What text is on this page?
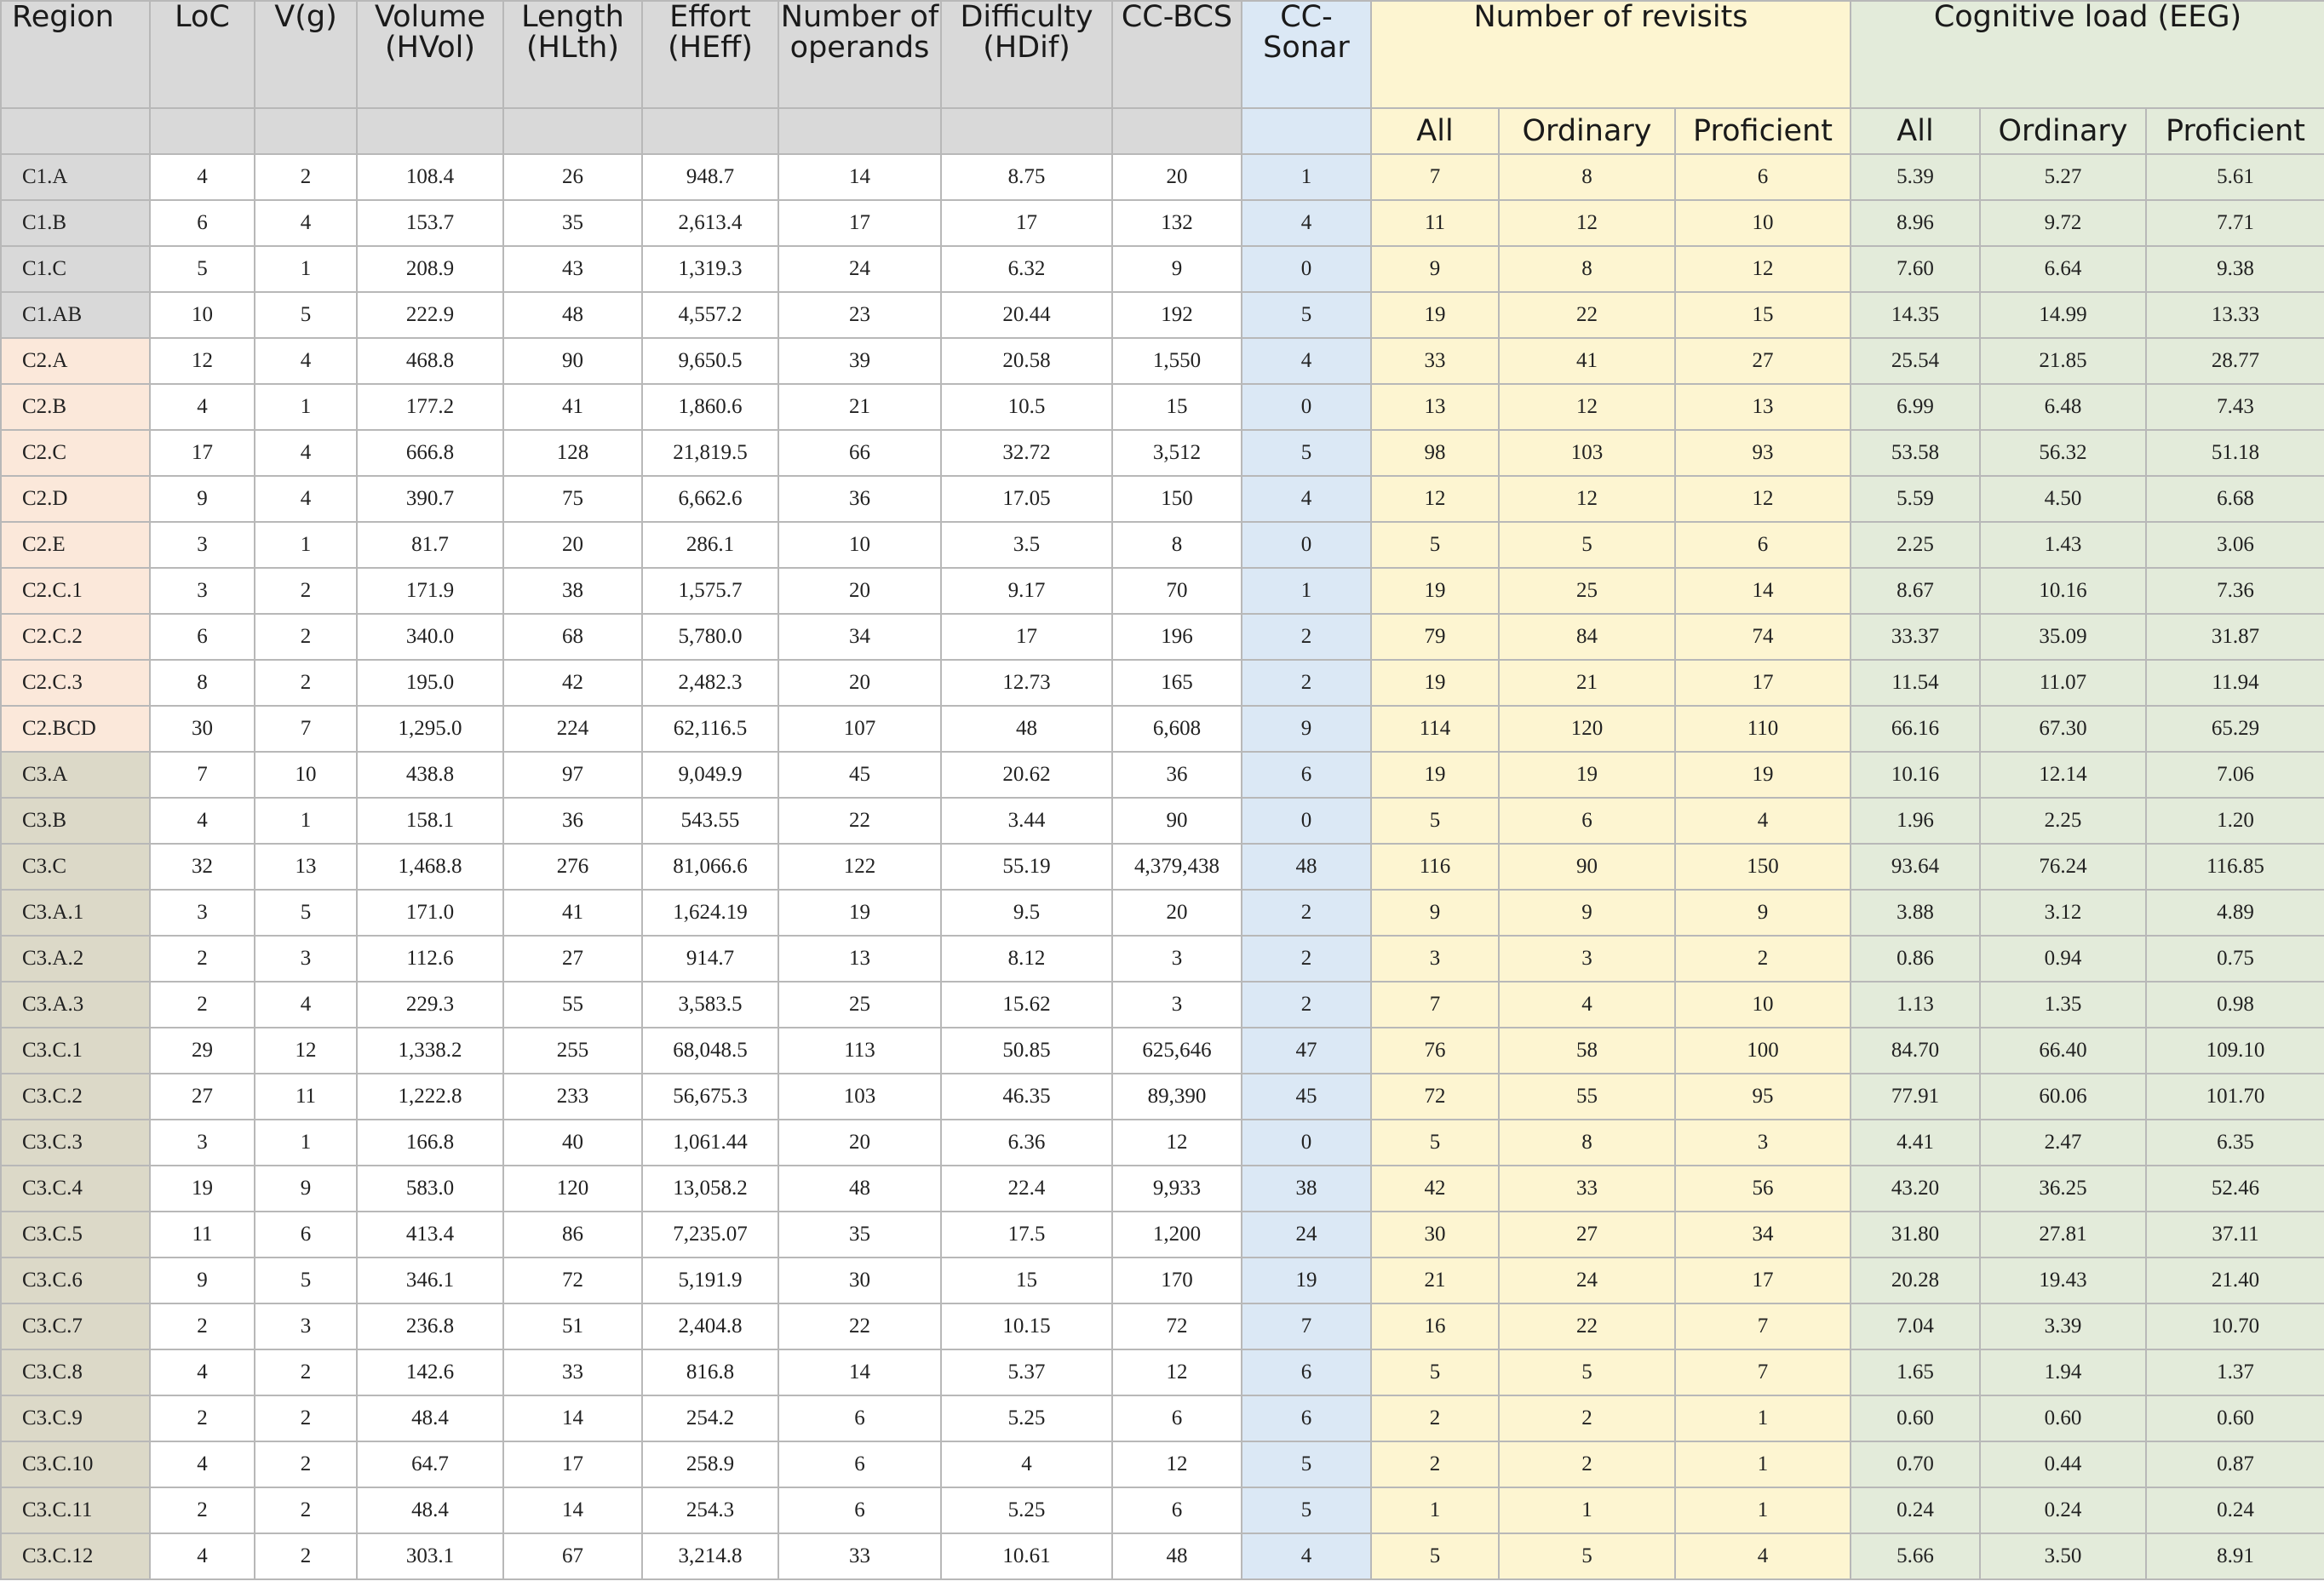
Region	LoC	V(g)	Volume (HVol)	Length (HLth)	Effort (HEff)	Number of operands	Difficulty (HDif)	CC-BCS	CC-Sonar	Number of revisits			Cognitive load (EEG)		

										All	Ordinary	Proficient	All	Ordinary	Proficient
C1.A	4	2	108.4	26	948.7	14	8.75	20	1	7	8	6	5.39	5.27	5.61
C1.B	6	4	153.7	35	2,613.4	17	17	132	4	11	12	10	8.96	9.72	7.71
C1.C	5	1	208.9	43	1,319.3	24	6.32	9	0	9	8	12	7.60	6.64	9.38
C1.AB	10	5	222.9	48	4,557.2	23	20.44	192	5	19	22	15	14.35	14.99	13.33
C2.A	12	4	468.8	90	9,650.5	39	20.58	1,550	4	33	41	27	25.54	21.85	28.77
C2.B	4	1	177.2	41	1,860.6	21	10.5	15	0	13	12	13	6.99	6.48	7.43
C2.C	17	4	666.8	128	21,819.5	66	32.72	3,512	5	98	103	93	53.58	56.32	51.18
C2.D	9	4	390.7	75	6,662.6	36	17.05	150	4	12	12	12	5.59	4.50	6.68
C2.E	3	1	81.7	20	286.1	10	3.5	8	0	5	5	6	2.25	1.43	3.06
C2.C.1	3	2	171.9	38	1,575.7	20	9.17	70	1	19	25	14	8.67	10.16	7.36
C2.C.2	6	2	340.0	68	5,780.0	34	17	196	2	79	84	74	33.37	35.09	31.87
C2.C.3	8	2	195.0	42	2,482.3	20	12.73	165	2	19	21	17	11.54	11.07	11.94
C2.BCD	30	7	1,295.0	224	62,116.5	107	48	6,608	9	114	120	110	66.16	67.30	65.29
C3.A	7	10	438.8	97	9,049.9	45	20.62	36	6	19	19	19	10.16	12.14	7.06
C3.B	4	1	158.1	36	543.55	22	3.44	90	0	5	6	4	1.96	2.25	1.20
C3.C	32	13	1,468.8	276	81,066.6	122	55.19	4,379,438	48	116	90	150	93.64	76.24	116.85
C3.A.1	3	5	171.0	41	1,624.19	19	9.5	20	2	9	9	9	3.88	3.12	4.89
C3.A.2	2	3	112.6	27	914.7	13	8.12	3	2	3	3	2	0.86	0.94	0.75
C3.A.3	2	4	229.3	55	3,583.5	25	15.62	3	2	7	4	10	1.13	1.35	0.98
C3.C.1	29	12	1,338.2	255	68,048.5	113	50.85	625,646	47	76	58	100	84.70	66.40	109.10
C3.C.2	27	11	1,222.8	233	56,675.3	103	46.35	89,390	45	72	55	95	77.91	60.06	101.70
C3.C.3	3	1	166.8	40	1,061.44	20	6.36	12	0	5	8	3	4.41	2.47	6.35
C3.C.4	19	9	583.0	120	13,058.2	48	22.4	9,933	38	42	33	56	43.20	36.25	52.46
C3.C.5	11	6	413.4	86	7,235.07	35	17.5	1,200	24	30	27	34	31.80	27.81	37.11
C3.C.6	9	5	346.1	72	5,191.9	30	15	170	19	21	24	17	20.28	19.43	21.40
C3.C.7	2	3	236.8	51	2,404.8	22	10.15	72	7	16	22	7	7.04	3.39	10.70
C3.C.8	4	2	142.6	33	816.8	14	5.37	12	6	5	5	7	1.65	1.94	1.37
C3.C.9	2	2	48.4	14	254.2	6	5.25	6	6	2	2	1	0.60	0.60	0.60
C3.C.10	4	2	64.7	17	258.9	6	4	12	5	2	2	1	0.70	0.44	0.87
C3.C.11	2	2	48.4	14	254.3	6	5.25	6	5	1	1	1	0.24	0.24	0.24
C3.C.12	4	2	303.1	67	3,214.8	33	10.61	48	4	5	5	4	5.66	3.50	8.91
